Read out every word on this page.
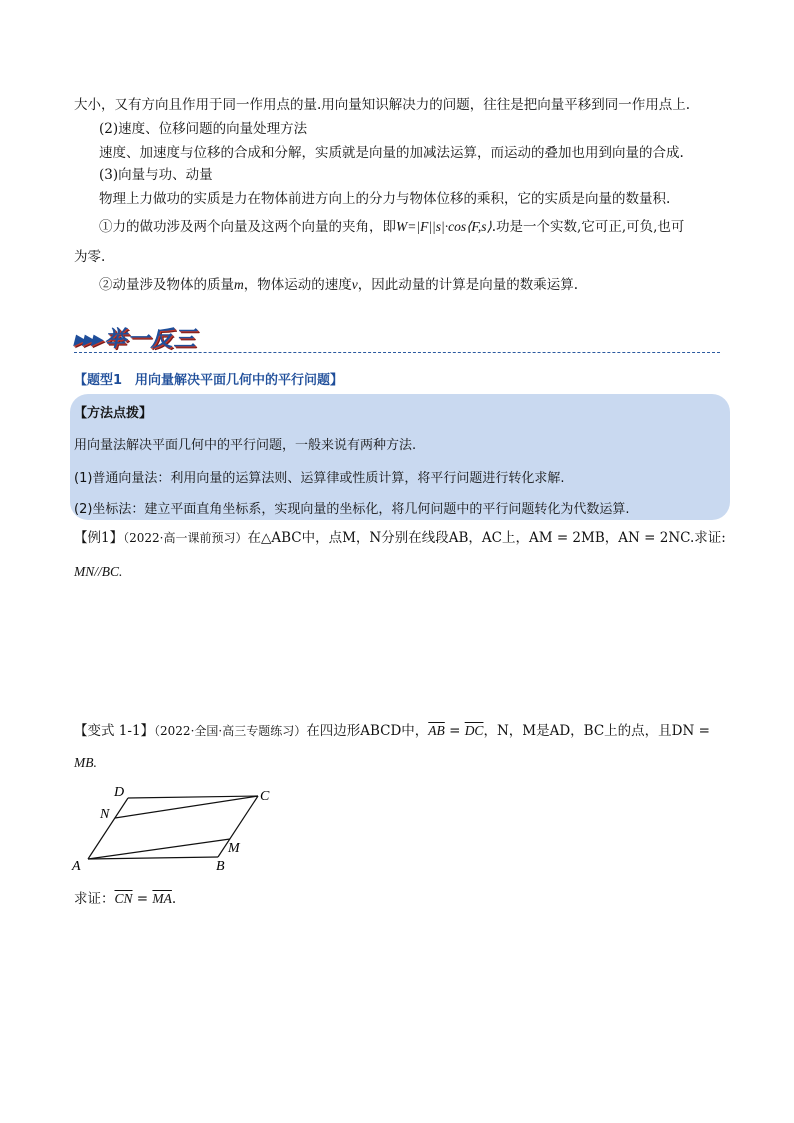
大小，又有方向且作用于同一作用点的量.用向量知识解决力的问题，往往是把向量平移到同一作用点上.
(2)速度、位移问题的向量处理方法
速度、加速度与位移的合成和分解，实质就是向量的加减法运算，而运动的叠加也用到向量的合成.
(3)向量与功、动量
物理上力做功的实质是力在物体前进方向上的分力与物体位移的乘积，它的实质是向量的数量积.
①力的做功涉及两个向量及这两个向量的夹角，即W=|F||s|·cos⟨F,s⟩.功是一个实数,它可正,可负,也可
为零.
②动量涉及物体的质量m，物体运动的速度v，因此动量的计算是向量的数乘运算.
▶▶▶ 举一反三
【题型1　用向量解决平面几何中的平行问题】
【方法点拨】
用向量法解决平面几何中的平行问题，一般来说有两种方法.
(1)普通向量法：利用向量的运算法则、运算律或性质计算，将平行问题进行转化求解.
(2)坐标法：建立平面直角坐标系，实现向量的坐标化，将几何问题中的平行问题转化为代数运算.
【例1】（2022·高一课前预习）在△ABC中，点M，N分别在线段AB，AC上，AM = 2MB，AN = 2NC.求证:
MN//BC.
【变式 1-1】（2022·全国·高三专题练习）在四边形ABCD中，$\overline{AB} = \overline{DC}$，N，M是AD，BC上的点，且DN =
MB.
A	B
C
D
M
N
求证：$\overline{CN} = \overline{MA}$.
